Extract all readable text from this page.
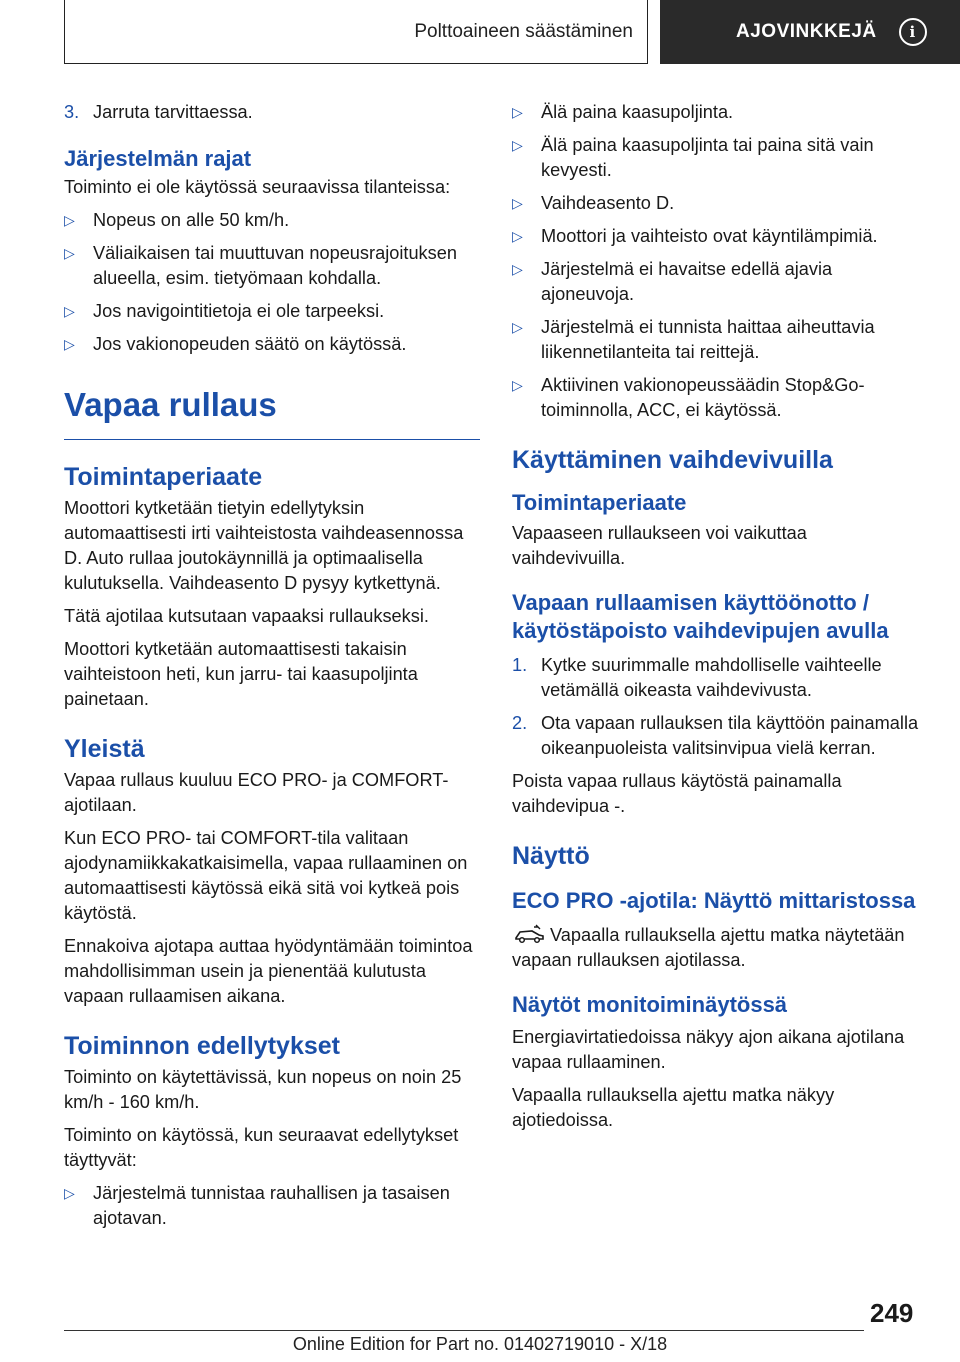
Polttoaineen säästäminen	AJOVINKKEJÄ i
3. Jarruta tarvittaessa.
Järjestelmän rajat

Toiminto ei ole käytössä seuraavissa tilanteissa:

▷ Nopeus on alle 50 km/h.
▷ Väliaikaisen tai muuttuvan nopeusrajoituksen alueella, esim. tietyömaan kohdalla.
▷ Jos navigointitietoja ei ole tarpeeksi.
▷ Jos vakionopeuden säätö on käytössä.
Vapaa rullaus
Toimintaperiaate

Moottori kytketään tietyin edellytyksin automaattisesti irti vaihteistosta vaihdeasennossa D. Auto rullaa joutokäynnillä ja optimaalisella kulutuksella. Vaihdeasento D pysyy kytkettynä.

Tätä ajotilaa kutsutaan vapaaksi rullaukseksi.

Moottori kytketään automaattisesti takaisin vaihteistoon heti, kun jarru- tai kaasupoljinta painetaan.

Yleistä

Vapaa rullaus kuuluu ECO PRO- ja COMFORT-ajotilaan.

Kun ECO PRO- tai COMFORT-tila valitaan ajodynamiikkakatkaisimella, vapaa rullaaminen on automaattisesti käytössä eikä sitä voi kytkeä pois käytöstä.

Ennakoiva ajotapa auttaa hyödyntämään toimintoa mahdollisimman usein ja pienentää kulutusta vapaan rullaamisen aikana.

Toiminnon edellytykset

Toiminto on käytettävissä, kun nopeus on noin 25 km/h - 160 km/h.

Toiminto on käytössä, kun seuraavat edellytykset täyttyvät:

▷ Järjestelmä tunnistaa rauhallisen ja tasaisen ajotavan.
▷ Älä paina kaasupoljinta.
▷ Älä paina kaasupoljinta tai paina sitä vain kevyesti.
▷ Vaihdeasento D.
▷ Moottori ja vaihteisto ovat käyntilämpimiä.
▷ Järjestelmä ei havaitse edellä ajavia ajoneuvoja.
▷ Järjestelmä ei tunnista haittaa aiheuttavia liikennetilanteita tai reittejä.
▷ Aktiivinen vakionopeussäädin Stop&Go-toiminnolla, ACC, ei käytössä.
Käyttäminen vaihdevivuilla
Toimintaperiaate

Vapaaseen rullaukseen voi vaikuttaa vaihdevivuilla.

Vapaan rullaamisen käyttöönotto / käytöstäpoisto vaihdevipujen avulla
1. Kytke suurimmalle mahdolliselle vaihteelle vetämällä oikeasta vaihdevivusta.
2. Ota vapaan rullauksen tila käyttöön painamalla oikeanpuoleista valitsinvipua vielä kerran.

Poista vapaa rullaus käytöstä painamalla vaihdevipua -.

Näyttö
ECO PRO -ajotila: Näyttö mittaristossa

Vapaalla rullauksella ajettu matka näytetään vapaan rullauksen ajotilassa.

Näytöt monitoiminäytössä

Energiavirtatiedoissa näkyy ajon aikana ajotilana vapaa rullaaminen.

Vapaalla rullauksella ajettu matka näkyy ajotiedoissa.

249
Online Edition for Part no. 01402719010 - X/18
